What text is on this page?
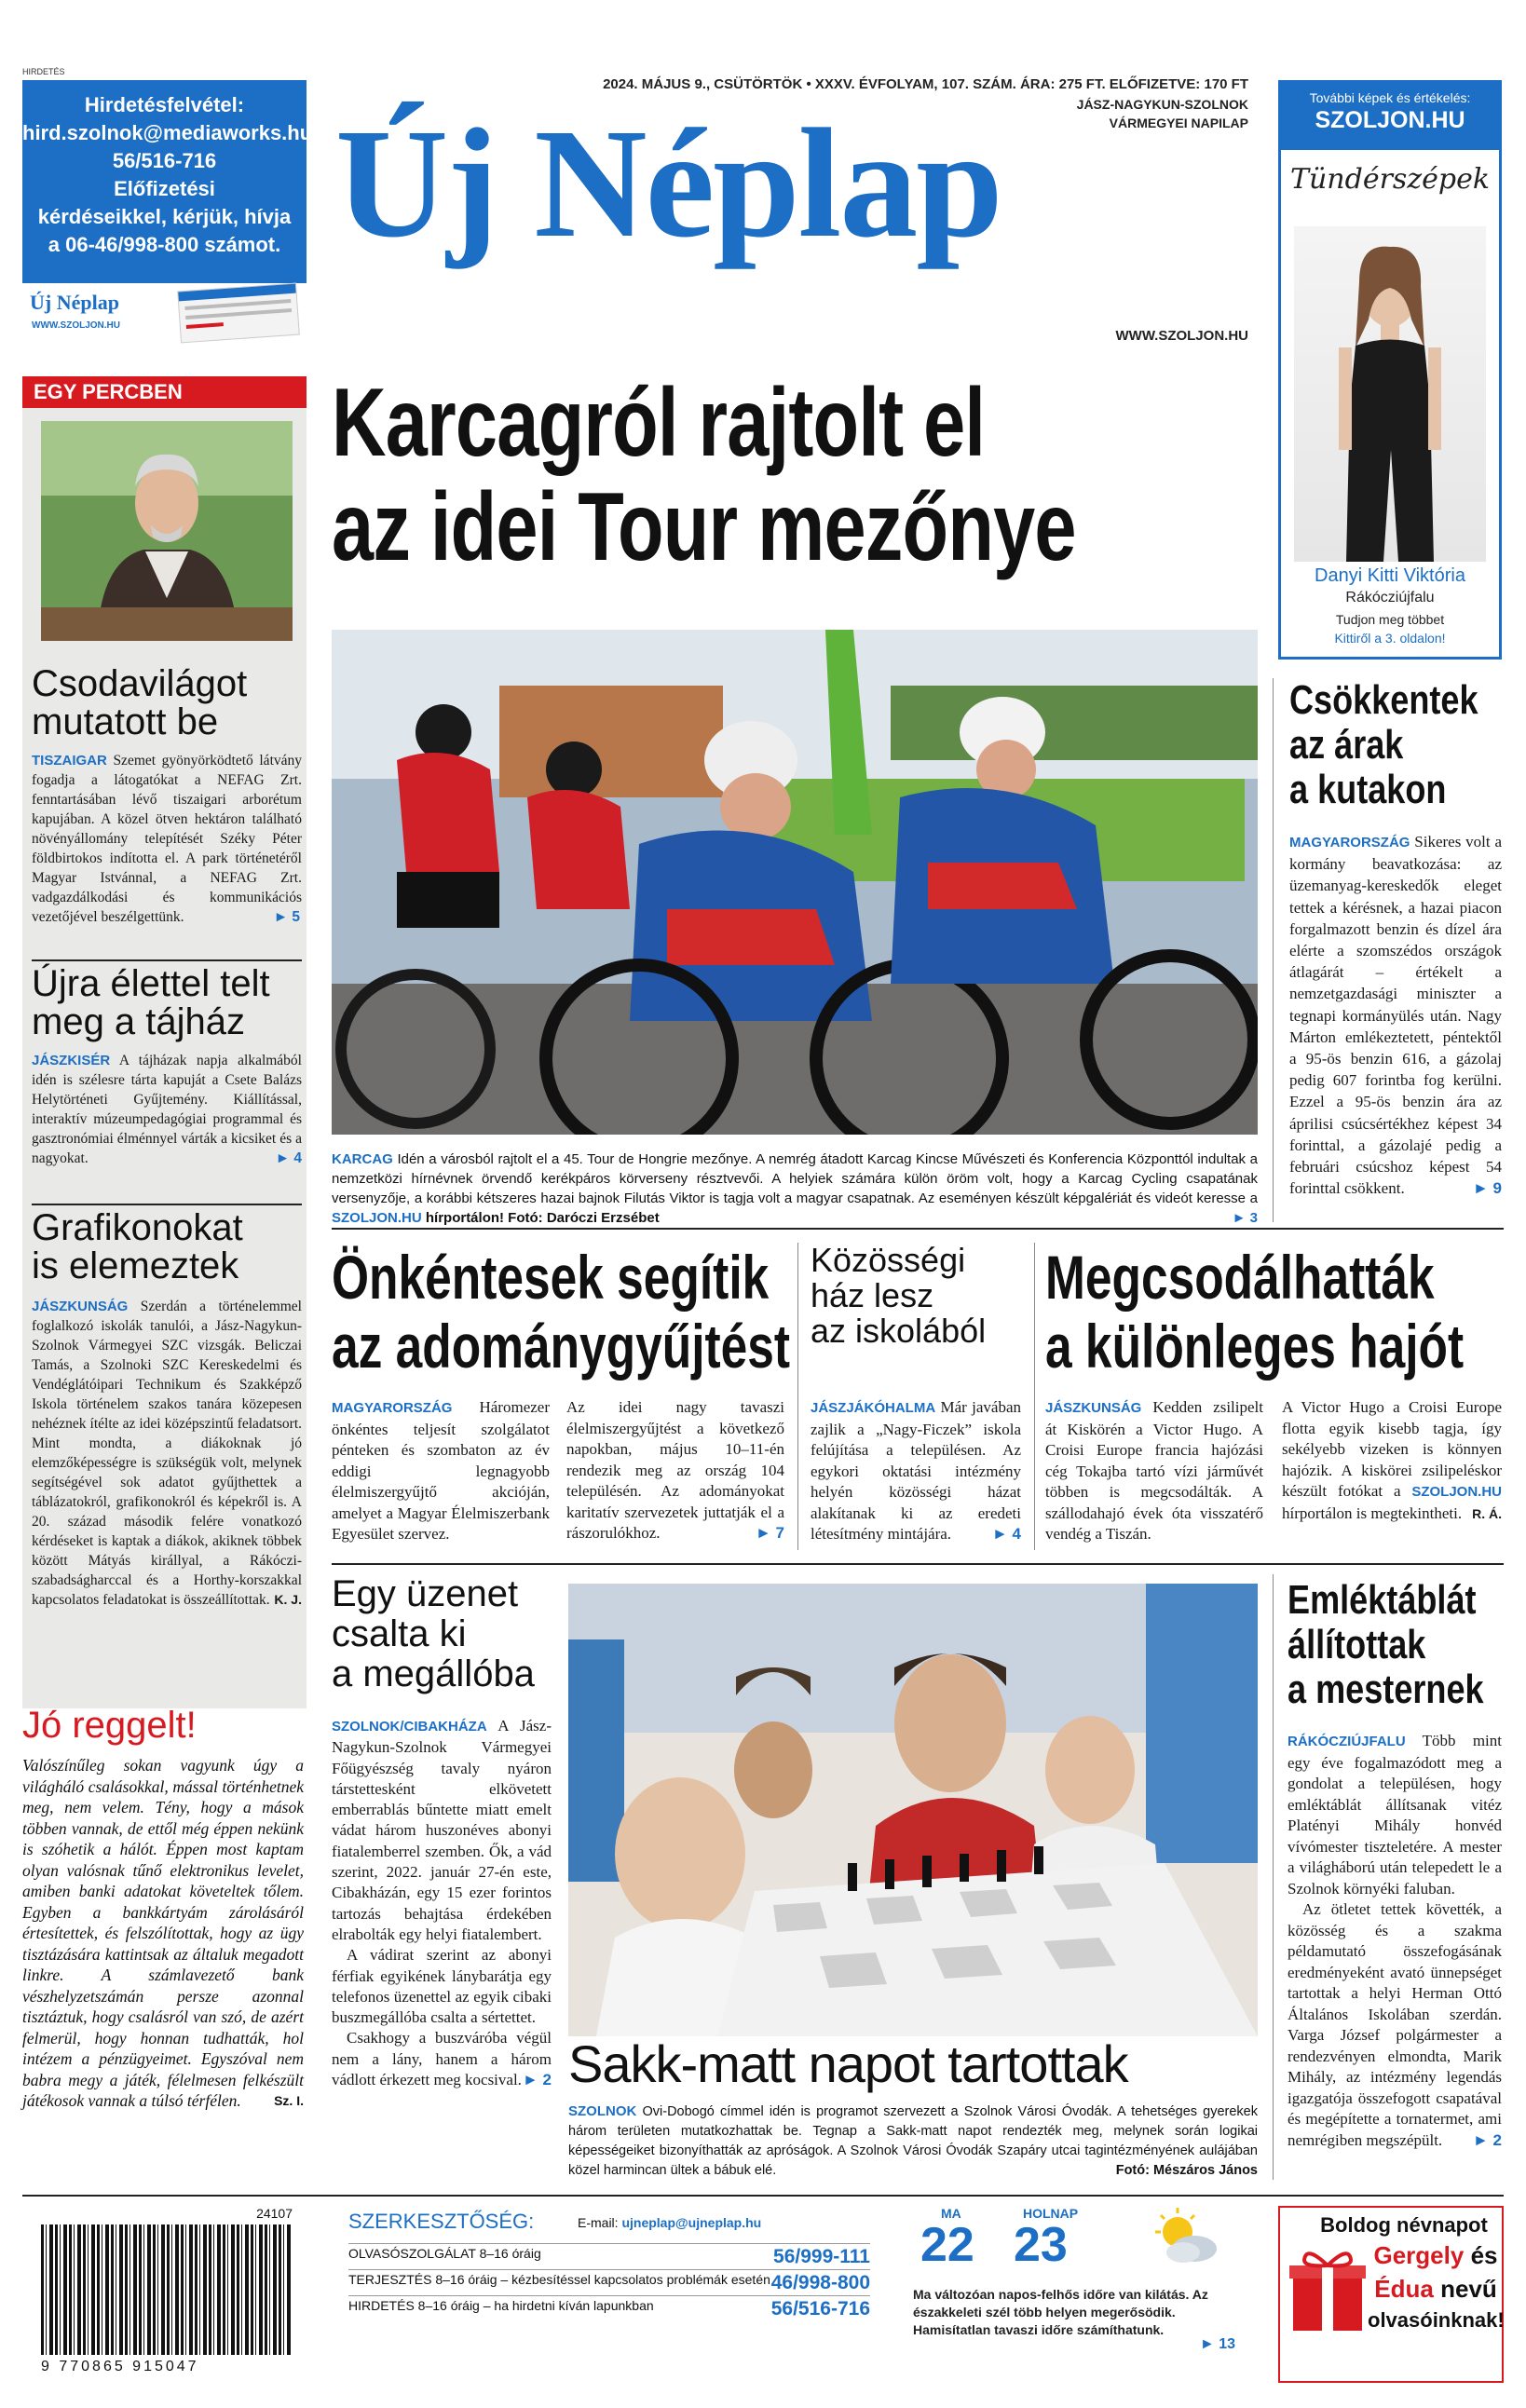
HIRDETÉS
Hirdetésfelvétel:
hird.szolnok@mediaworks.hu
56/516-716
Előfizetési
kérdéseikkel, kérjük, hívja
a 06-46/998-800 számot.
Új Néplap
WWW.SZOLJON.HU
2024. MÁJUS 9., CSÜTÖRTÖK • XXXV. ÉVFOLYAM, 107. SZÁM. ÁRA: 275 FT. ELŐFIZETVE: 170 FT
JÁSZ-NAGYKUN-SZOLNOK
VÁRMEGYEI NAPILAP
Új Néplap
WWW.SZOLJON.HU
További képek és értékelés:
SZOLJON.HU
Tündérszépek
Danyi Kitti Viktória
Rákócziújfalu
Tudjon meg többet
Kittiről a 3. oldalon!
EGY PERCBEN
Csodavilágot
mutatott be
TISZAIGAR Szemet gyönyörködtető látvány fogadja a látogatókat a NEFAG Zrt. fenntartásában lévő tiszaigari arborétum kapujában. A közel ötven hektáron található növényállomány telepítését Széky Péter földbirtokos indította el. A park történetéről Magyar Istvánnal, a NEFAG Zrt. vadgazdálkodási és kommunikációs vezetőjével beszélgettünk.	► 5
Újra élettel telt
meg a tájház
JÁSZKISÉR A tájházak napja alkalmából idén is szélesre tárta kapuját a Csete Balázs Helytörténeti Gyűjtemény. Kiállítással, interaktív múzeumpedagógiai programmal és gasztronómiai élménnyel várták a kicsiket és a nagyokat.	► 4
Grafikonokat
is elemeztek
JÁSZKUNSÁG Szerdán a történelemmel foglalkozó iskolák tanulói, a Jász-Nagykun-Szolnok Vármegyei SZC vizsgák. Beliczai Tamás, a Szolnoki SZC Kereskedelmi és Vendéglátóipari Technikum és Szakképző Iskola történelem szakos tanára közepesen nehéznek ítélte az idei középszintű feladatsort. Mint mondta, a diákoknak jó elemzőképességre is szükségük volt, melynek segítségével sok adatot gyűjthettek a táblázatokról, grafikonokról és képekről is. A 20. század második felére vonatkozó kérdéseket is kaptak a diákok, akiknek többek között Mátyás királlyal, a Rákóczi-szabadságharccal és a Horthy-korszakkal kapcsolatos feladatokat is összeállítottak. K. J.
Jó reggelt!
Valószínűleg sokan vagyunk úgy a világháló csalásokkal, mással történhetnek meg, nem velem. Tény, hogy a mások többen vannak, de ettől még éppen nekünk is szóhetik a hálót. Éppen most kaptam olyan valósnak tűnő elektronikus levelet, amiben banki adatokat követeltek tőlem. Egyben a bankkártyám zárolásáról értesítettek, és felszólítottak, hogy az ügy tisztázására kattintsak az általuk megadott linkre. A számlavezető bank vészhelyzetszámán persze azonnal tisztáztuk, hogy csalásról van szó, de azért felmerül, hogy honnan tudhatták, hol intézem a pénzügyeimet. Egyszóval nem babra megy a játék, félelmesen felkészült játékosok vannak a túlsó térfélen.	Sz. I.
Karcagról rajtolt el
az idei Tour mezőnye
KARCAG Idén a városból rajtolt el a 45. Tour de Hongrie mezőnye. A nemrég átadott Karcag Kincse Művészeti és Konferencia Központtól indultak a nemzetközi hírnévnek örvendő kerékpáros körverseny résztvevői. A helyiek számára külön öröm volt, hogy a Karcag Cycling csapatának versenyzője, a korábbi kétszeres hazai bajnok Filutás Viktor is tagja volt a magyar csapatnak. Az eseményen készült képgalériát és videót keresse a SZOLJON.HU hírportálon! Fotó: Daróczi Erzsébet	► 3
Csökkentek
az árak
a kutakon
MAGYARORSZÁG Sikeres volt a kormány beavatkozása: az üzemanyag-kereskedők eleget tettek a kérésnek, a hazai piacon forgalmazott benzin és dízel ára elérte a szomszédos országok átlagárát – értékelt a nemzetgazdasági miniszter a tegnapi kormányülés után. Nagy Márton emlékeztetett, péntektől a 95-ös benzin 616, a gázolaj pedig 607 forintba fog kerülni. Ezzel a 95-ös benzin ára az áprilisi csúcsértékhez képest 34 forinttal, a gázolajé pedig a februári csúcshoz képest 54 forinttal csökkent.	► 9
Önkéntesek segítik
az adománygyűjtést
MAGYARORSZÁG Háromezer önkéntes teljesít szolgálatot pénteken és szombaton az év eddigi legnagyobb élelmiszergyűjtő akcióján, amelyet a Magyar Élelmiszerbank Egyesület szervez.
Az idei nagy tavaszi élelmiszergyűjtést a következő napokban, május 10–11-én rendezik meg az ország 104 településén. Az adományokat karitatív szervezetek juttatják el a rászorulókhoz.	► 7
Közösségi
ház lesz
az iskolából
JÁSZJÁKÓHALMA Már javában zajlik a „Nagy-Ficzek” iskola felújítása a településen. Az egykori oktatási intézmény helyén közösségi házat alakítanak ki az eredeti létesítmény mintájára.	► 4
Megcsodálhatták
a különleges hajót
JÁSZKUNSÁG Kedden zsilipelt át Kiskörén a Victor Hugo. A Croisi Europe francia hajózási cég Tokajba tartó vízi járművét többen is megcsodálták. A szállodahajó évek óta visszatérő vendég a Tiszán.
A Victor Hugo a Croisi Europe flotta egyik kisebb tagja, így sekélyebb vizeken is könnyen hajózik. A kiskörei zsilipeléskor készült fotókat a SZOLJON.HU hírportálon is megtekintheti. R. Á.
Egy üzenet
csalta ki
a megállóba
SZOLNOK/CIBAKHÁZA A Jász-Nagykun-Szolnok Vármegyei Főügyészség tavaly nyáron társtettesként elkövetett emberrablás bűntette miatt emelt vádat három huszonéves abonyi fiatalemberrel szemben. Ők, a vád szerint, 2022. január 27-én este, Cibakházán, egy 15 ezer forintos tartozás behajtása érdekében elrabolták egy helyi fiatalembert.
A vádirat szerint az abonyi férfiak egyikének lánybarátja egy telefonos üzenettel az egyik cibaki buszmegállóba csalta a sértettet.
Csakhogy a buszváróba végül nem a lány, hanem a három vádlott érkezett meg kocsival. ► 2 Sakk-matt napot tartottak
SZOLNOK Ovi-Dobogó címmel idén is programot szervezett a Szolnok Városi Óvodák. A tehetséges gyerekek három területen mutatkozhattak be. Tegnap a Sakk-matt napot rendezték meg, melynek során logikai képességeiket bizonyíthatták az apróságok. A Szolnok Városi Óvodák Szapáry utcai tagintézményének aulájában közel harmincan ültek a bábuk elé.	Fotó: Mészáros János
Emléktáblát
állítottak
a mesternek
RÁKÓCZIÚJFALU Több mint egy éve fogalmazódott meg a gondolat a településen, hogy emléktáblát állítsanak vitéz Platényi Mihály honvéd vívómester tiszteletére. A mester a világháború után telepedett le a Szolnok környéki faluban.
Az ötletet tettek követték, a közösség és a szakma példamutató összefogásának eredményeként avató ünnepséget tartottak a helyi Herman Ottó Általános Iskolában szerdán. Varga József polgármester a rendezvényen elmondta, Marik Mihály, az intézmény legendás igazgatója összefogott csapatával és megépítette a tornatermet, ami nemrégiben megszépült.	► 2
24107
9 770865 915047
SZERKESZTŐSÉG:	E-mail: ujneplap@ujneplap.hu
OLVASÓSZOLGÁLAT 8–16 óráig	56/999-111
TERJESZTÉS 8–16 óráig – kézbesítéssel kapcsolatos problémák esetén 46/998-800
HIRDETÉS 8–16 óráig – ha hirdetni kíván lapunkban	56/516-716
MA
22
HOLNAP
23
Ma változóan napos-felhős időre van kilátás. Az északkeleti szél több helyen megerősödik. Hamisítatlan tavaszi időre számíthatunk.
► 13
Boldog névnapot
Gergely és
Édua nevű
olvasóinknak!
